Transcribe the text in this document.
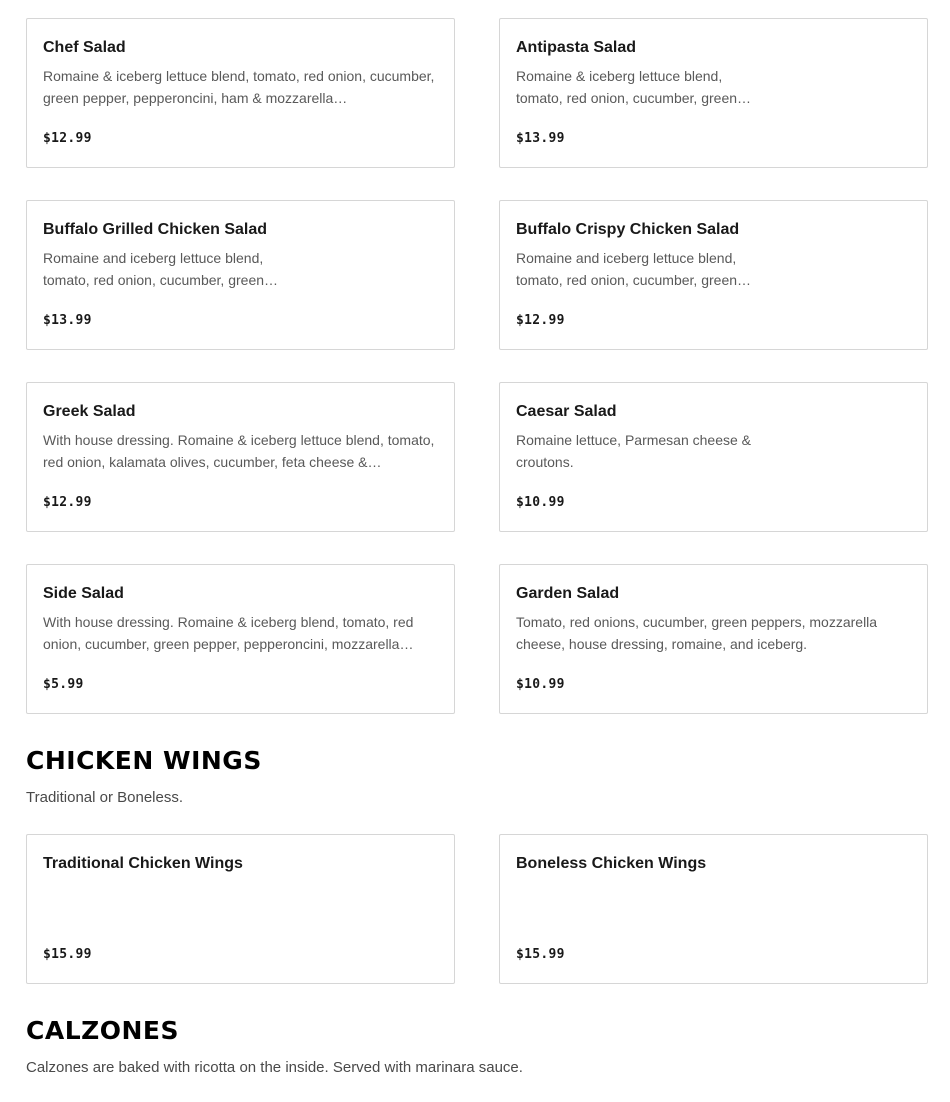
Chef Salad
Romaine & iceberg lettuce blend, tomato, red onion, cucumber, green pepper, pepperoncini, ham & mozzarella…
$12.99
Antipasta Salad
Romaine & iceberg lettuce blend, tomato, red onion, cucumber, green…
$13.99
Buffalo Grilled Chicken Salad
Romaine and iceberg lettuce blend, tomato, red onion, cucumber, green…
$13.99
Buffalo Crispy Chicken Salad
Romaine and iceberg lettuce blend, tomato, red onion, cucumber, green…
$12.99
Greek Salad
With house dressing. Romaine & iceberg lettuce blend, tomato, red onion, kalamata olives, cucumber, feta cheese &…
$12.99
Caesar Salad
Romaine lettuce, Parmesan cheese & croutons.
$10.99
Side Salad
With house dressing. Romaine & iceberg blend, tomato, red onion, cucumber, green pepper, pepperoncini, mozzarella…
$5.99
Garden Salad
Tomato, red onions, cucumber, green peppers, mozzarella cheese, house dressing, romaine, and iceberg.
$10.99
CHICKEN WINGS

Traditional or Boneless.

Traditional Chicken Wings
$15.99
Boneless Chicken Wings
$15.99
CALZONES

Calzones are baked with ricotta on the inside. Served with marinara sauce.
